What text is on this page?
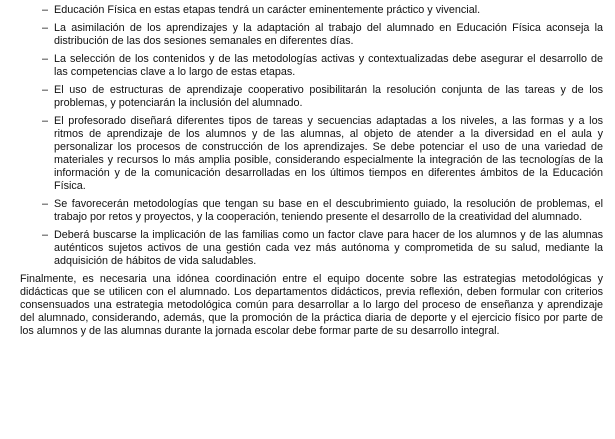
– Educación Física en estas etapas tendrá un carácter eminentemente práctico y vivencial.
– La asimilación de los aprendizajes y la adaptación al trabajo del alumnado en Educación Física aconseja la distribución de las dos sesiones semanales en diferentes días.
– La selección de los contenidos y de las metodologías activas y contextualizadas debe asegurar el desarrollo de las competencias clave a lo largo de estas etapas.
– El uso de estructuras de aprendizaje cooperativo posibilitarán la resolución conjunta de las tareas y de los problemas, y potenciarán la inclusión del alumnado.
– El profesorado diseñará diferentes tipos de tareas y secuencias adaptadas a los niveles, a las formas y a los ritmos de aprendizaje de los alumnos y de las alumnas, al objeto de atender a la diversidad en el aula y personalizar los procesos de construcción de los aprendizajes. Se debe potenciar el uso de una variedad de materiales y recursos lo más amplia posible, considerando especialmente la integración de las tecnologías de la información y de la comunicación desarrolladas en los últimos tiempos en diferentes ámbitos de la Educación Física.
– Se favorecerán metodologías que tengan su base en el descubrimiento guiado, la resolución de problemas, el trabajo por retos y proyectos, y la cooperación, teniendo presente el desarrollo de la creatividad del alumnado.
– Deberá buscarse la implicación de las familias como un factor clave para hacer de los alumnos y de las alumnas auténticos sujetos activos de una gestión cada vez más autónoma y comprometida de su salud, mediante la adquisición de hábitos de vida saludables.

Finalmente, es necesaria una idónea coordinación entre el equipo docente sobre las estrategias metodológicas y didácticas que se utilicen con el alumnado. Los departamentos didácticos, previa reflexión, deben formular con criterios consensuados una estrategia metodológica común para desarrollar a lo largo del proceso de enseñanza y aprendizaje del alumnado, considerando, además, que la promoción de la práctica diaria de deporte y el ejercicio físico por parte de los alumnos y de las alumnas durante la jornada escolar debe formar parte de su desarrollo integral.
